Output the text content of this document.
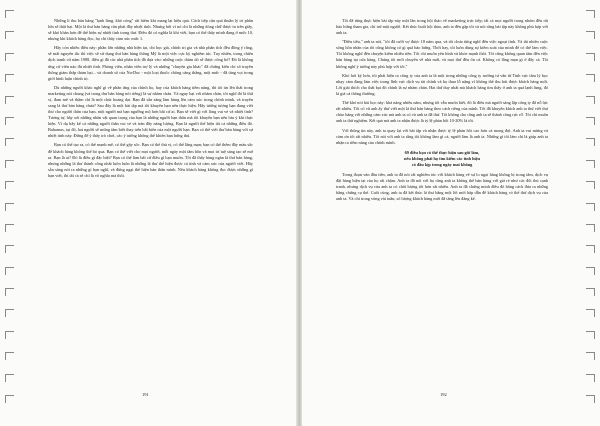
Những lí thu bán hàng "lạnh lùng, khó cóng" rất hiếm khi mang lại hiệu quả. Cách tiếp cận quá thuần lý trí phần lớn sẽ thất bại. Một lá thư bán hàng cần phải đầy nhiệt tình. Nhưng bởi vì nó chỉ là những dòng chữ được in trên giấy, sẽ khó khăn hơn để thể hiện sự nhiệt tình trong thư. Điều đó có nghĩa là khi viết, bạn có thể thấy mình đang ở mức 10, nhưng khi khách hàng đọc, họ chỉ thấy cảm xúc mức 1.

Hãy còn nhiều điều này: phần lớn những nhà hiện tại, chỉ học giả, chính trị gia và nhà phân tích đều đồng ý rằng, sẽ mất nguyên tắc thì việc sẽ sử dụng thư bán hàng thông Mỹ là một việc cực kỳ nghiêm túc. Tuy nhiên, trong chiến dịch tranh cử năm 1988, điều gì đã các nhà phân tích đã dựa vào: những cuộc thăm dò sẽ được công bố? Đó là không ứng cử viên nào đủ nhiệt tình. Phóng viên, nhân viên trợ lý và những "chuyên gia khác" đã chứng kiến chỉ số truyền thông giảm thấp thảm hại... và doanh số của Nu-Duc - một loại thuốc chống căng thẳng, một mức - đã tăng vọt trong giới bình luận chính trị.

Dù những người khác nghĩ gì về phân ứng của chính họ, hay của khách hàng tiềm năng, thì tôi tin lên thất trong marketing nói chung (và trong thư bán hàng nói riêng) là sự nhàm chán. Và nguy hại với nhàm chán, tôi nghĩ đó là thứ vị, đam mê và thậm chí là một chút hoang dại. Bạn đã sẵn sàng làm bùng lên cảm xúc trong chính mình, và truyền sang lá thư bán hàng chưa? Sau đây là một bài tập mà tôi khuyên bạn nên thực hiện. Hãy tưởng tượng bạn đang viết thư cho người thân của bạn, một người mà bạn ngưỡng mộ hơn bất cứ ai. Bạn sẽ viết gì với lòng vui vẻ và nhiệt tình? Tương tự, hãy xét những nhân vật quan trọng của bạn là những người bạn thân mà tôi khuyên bạn nên lưu ý khi thực hiện. Ví dụ hãy kể cả những người thân vui vẻ và tràn đầy năng lượng. Bạn là người thể hiện tất cả những điều đó. Bahamas, tại đó, hai người sẽ mừng tâm biết thay trên bãi biển của một người bạn. Bạn có thể viết thư bán hàng với sự nhiệt tình này. Đừng để ý thấy trò chơi, các ý tưởng không thể khiến bạn hứng thú.

Bạn có thể tạo ra, có thể mạnh mẽ, có thể gây sốc. Bạn có thể thú vị, có thể lãng mạn; bạn có thể thêm đầy màu sắc để khách hàng không thể bỏ qua. Bạn có thể viết cho mọi người, mỗi ngày một tâm hồn và mọi trí tuệ sáng tạo sẽ mở ra. Bạn là ai? Đó là điều gì đặc biệt? Bạn có thể làm bất cứ điều gì bạn muốn. Tôi đã thấy hàng ngàn lá thư bán hàng, nhưng những lá thư thành công nhất luôn luôn là những lá thư thể hiện được cá tính và cảm xúc của người viết. Hãy sẵn sàng nói ra những gì bạn nghĩ, và đừng ngại thể hiện bản thân mình. Nếu khách hàng không đọc được những gì bạn viết, thì tất cả sẽ chỉ là vô nghĩa mà thôi.

191

Tôi đã từng thực hiện bài tập này một lần trong hội thảo về marketing trực tiếp; tất cả mọi người trong nhóm đều rất hào hứng tham gia, chỉ trừ một người. Kết thúc buổi hội thảo, anh ta đến gặp tôi và nói rằng bài tập này không phù hợp với anh ta.

"Điều tiếu," anh ta nói, "tôi đã cưới vợ được 18 năm qua, và tôi chưa từng nghĩ đến việc ngoại tình. Và tất nhiên cuộc sống hôn nhân của tôi cũng không có gì quá hào hứng. Thời hay, tôi luôn dùng sự kiểm soát của mình để có thể làm việc. Tôi không nghĩ đến chuyện kiếm nhiều tiền. Tôi chỉ muốn yên bình và khỏe mạnh thôi. Tôi cũng không quan tâm đến việc bán hàng tại cửa hàng. Chúng tôi mới chuyển về nhà mới, và mọi thứ đều ổn cả. Không có lãng mạn gì ở đây cả. Tôi không nghĩ ý tưởng này phù hợp với tôi."

Khó hơi kỳ hơn, tôi phát hiện ra công ty của anh ta là một trong những công ty trường tư vấn từ Tinh vực tâm lý học nhạy cảm đang làm việc trong lĩnh vực dịch vụ tài chính và họ thua lỗ nặng vì không thể thu hút được khách hàng mới. Lời giải thích cho thất bại đó chính là sự nhàm chán. Hai thứ duy nhất mà khách hàng tìm thấy ở anh ta quá lạnh lùng, đó là giá cả thông thường.

Thế khó nói bài học này: khả năng nhiều năm, nhưng tôi vẫn muốn biết, đó là điều mà người sáng lập công ty đã nỗ lực rất nhiều. Tôi cổ vũ anh ấy thử viết một lá thư bán hàng theo cách riêng của mình. Tôi đã khuyến khích anh ta thử viết thư chào hàng với những cảm xúc mà anh ta có và anh ta đã thử. Tôi không cho rằng anh ta sẽ thành công rực rỡ. Tôi chỉ muốn anh ta thử nghiệm. Kết quả mà anh ta nhận được là tỷ lệ phản hồi 10-20% là tốt.

Với thông tin này, anh ta quay lại với bài tập và nhận được tỷ lệ phản hồi cao hơn cả mong đợi. Anh ta vui mừng và cảm ơn tôi rất nhiều. Tôi nói với anh ta rằng tôi không làm gì cả, người làm là anh ta. Những gì tôi làm chỉ là giúp anh ta nhận ra tiềm năng của chính mình.

69 điều bạn có thể thực hiện sau giờ làm,
nếu không phải họ tìm kiếm các tình hiệu
có đầu kịp trong ngày mai không

Trong đoạn văn đầu tiên, anh ta đã nói rất nghiêm túc với khách hàng về sự lo ngại hàng không bị trong tâm, dịch vụ đặt hàng hiện tại của họ rất chậm. Anh ta đã nói với họ rằng anh ta không thể bán hàng với giá rẻ như các đối thủ cạnh tranh, nhưng dịch vụ của anh ta có chất lượng tốt hơn rất nhiều. Anh ta đã chứng minh điều đó bằng cách đưa ra những bằng chứng cụ thể. Cuối cùng, anh ta đã kết thúc lá thư bằng một lời mời hấp dẫn để khách hàng có thể thử dịch vụ của anh ta. Và chỉ trong vòng vài tuần, số lượng khách hàng mới đã tăng lên đáng kể.

192
